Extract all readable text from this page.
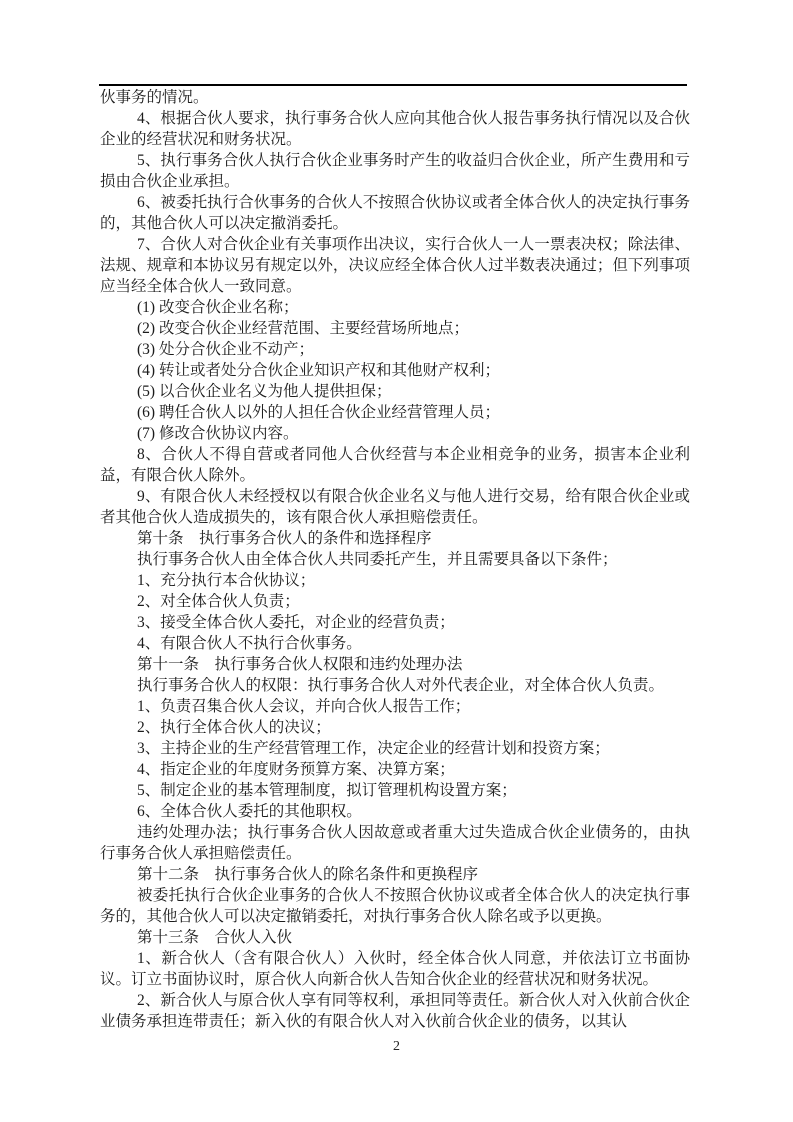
伙事务的情况。

4、根据合伙人要求，执行事务合伙人应向其他合伙人报告事务执行情况以及合伙企业的经营状况和财务状况。

5、执行事务合伙人执行合伙企业事务时产生的收益归合伙企业，所产生费用和亏损由合伙企业承担。

6、被委托执行合伙事务的合伙人不按照合伙协议或者全体合伙人的决定执行事务的，其他合伙人可以决定撤消委托。

7、合伙人对合伙企业有关事项作出决议，实行合伙人一人一票表决权；除法律、法规、规章和本协议另有规定以外，决议应经全体合伙人过半数表决通过；但下列事项应当经全体合伙人一致同意。

(1) 改变合伙企业名称；

(2) 改变合伙企业经营范围、主要经营场所地点；

(3) 处分合伙企业不动产；

(4) 转让或者处分合伙企业知识产权和其他财产权利；

(5) 以合伙企业名义为他人提供担保；

(6) 聘任合伙人以外的人担任合伙企业经营管理人员；

(7) 修改合伙协议内容。

8、合伙人不得自营或者同他人合伙经营与本企业相竞争的业务，损害本企业利益，有限合伙人除外。

9、有限合伙人未经授权以有限合伙企业名义与他人进行交易，给有限合伙企业或者其他合伙人造成损失的，该有限合伙人承担赔偿责任。

第十条　执行事务合伙人的条件和选择程序

执行事务合伙人由全体合伙人共同委托产生，并且需要具备以下条件；

1、充分执行本合伙协议；

2、对全体合伙人负责；

3、接受全体合伙人委托，对企业的经营负责；

4、有限合伙人不执行合伙事务。

第十一条　执行事务合伙人权限和违约处理办法

执行事务合伙人的权限：执行事务合伙人对外代表企业，对全体合伙人负责。

1、负责召集合伙人会议，并向合伙人报告工作；

2、执行全体合伙人的决议；

3、主持企业的生产经营管理工作，决定企业的经营计划和投资方案；

4、指定企业的年度财务预算方案、决算方案；

5、制定企业的基本管理制度，拟订管理机构设置方案；

6、全体合伙人委托的其他职权。

违约处理办法；执行事务合伙人因故意或者重大过失造成合伙企业债务的，由执行事务合伙人承担赔偿责任。

第十二条　执行事务合伙人的除名条件和更换程序

被委托执行合伙企业事务的合伙人不按照合伙协议或者全体合伙人的决定执行事务的，其他合伙人可以决定撤销委托，对执行事务合伙人除名或予以更换。

第十三条　合伙人入伙

1、新合伙人（含有限合伙人）入伙时，经全体合伙人同意，并依法订立书面协议。订立书面协议时，原合伙人向新合伙人告知合伙企业的经营状况和财务状况。

2、新合伙人与原合伙人享有同等权利，承担同等责任。新合伙人对入伙前合伙企业债务承担连带责任；新入伙的有限合伙人对入伙前合伙企业的债务，以其认

2
